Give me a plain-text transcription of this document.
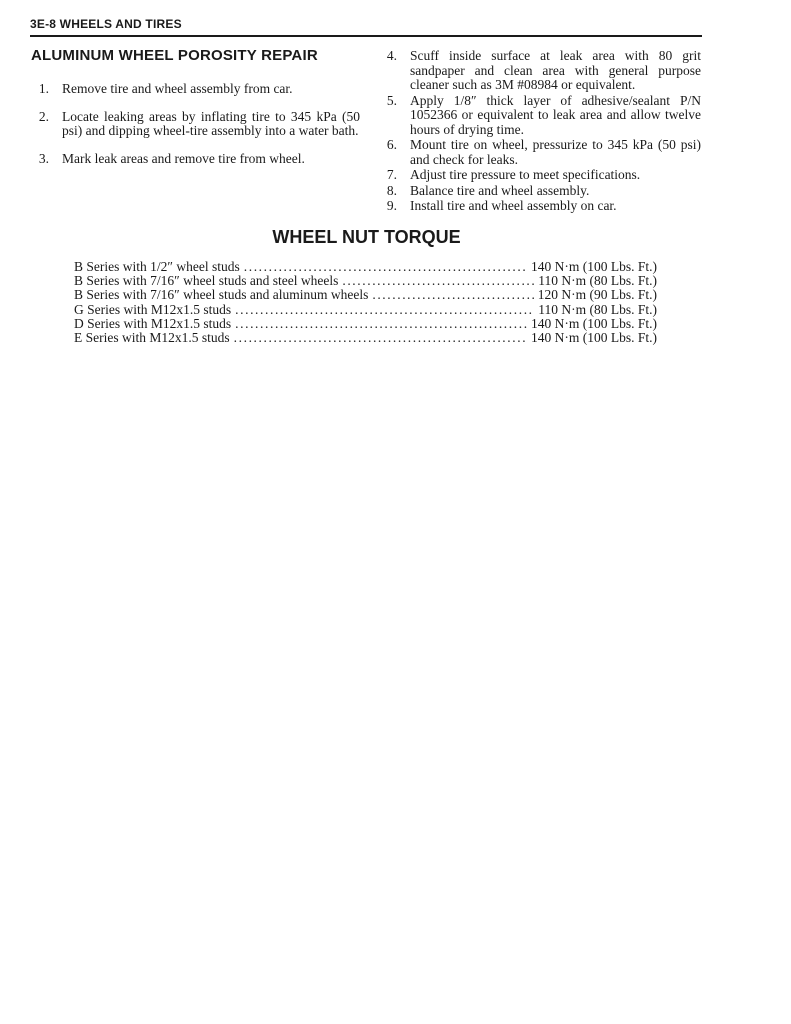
3E-8 WHEELS AND TIRES
ALUMINUM WHEEL POROSITY REPAIR
1. Remove tire and wheel assembly from car.
2. Locate leaking areas by inflating tire to 345 kPa (50 psi) and dipping wheel-tire assembly into a water bath.
3. Mark leak areas and remove tire from wheel.
4. Scuff inside surface at leak area with 80 grit sandpaper and clean area with general purpose cleaner such as 3M #08984 or equivalent.
5. Apply 1/8″ thick layer of adhesive/sealant P/N 1052366 or equivalent to leak area and allow twelve hours of drying time.
6. Mount tire on wheel, pressurize to 345 kPa (50 psi) and check for leaks.
7. Adjust tire pressure to meet specifications.
8. Balance tire and wheel assembly.
9. Install tire and wheel assembly on car.
WHEEL NUT TORQUE
B Series with 1/2″ wheel studs .....	140 N·m (100 Lbs. Ft.)
B Series with 7/16″ wheel studs and steel wheels .....	110 N·m (80 Lbs. Ft.)
B Series with 7/16″ wheel studs and aluminum wheels .....	120 N·m (90 Lbs. Ft.)
G Series with M12x1.5 studs .....	110 N·m (80 Lbs. Ft.)
D Series with M12x1.5 studs .....	140 N·m (100 Lbs. Ft.)
E Series with M12x1.5 studs .....	140 N·m (100 Lbs. Ft.)
